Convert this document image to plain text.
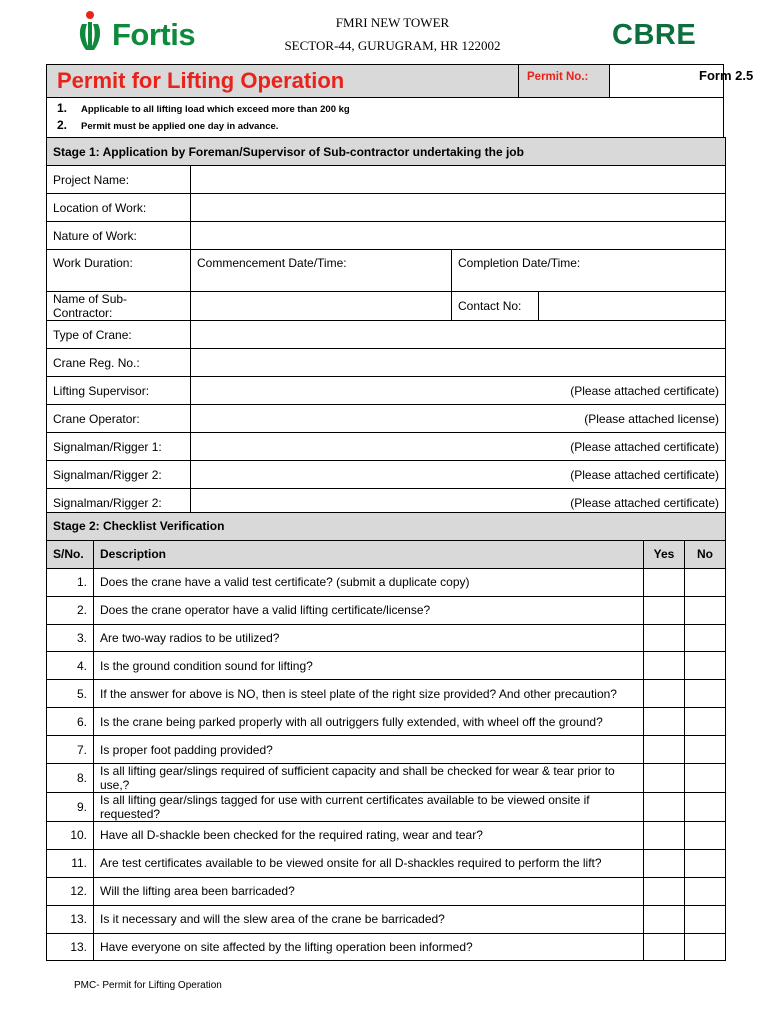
Fortis	FMRI NEW TOWER
SECTOR-44, GURUGRAM, HR 122002	CBRE
Permit for Lifting Operation	Permit No.:	Form 2.5
1. Applicable to all lifting load which exceed more than 200 kg
2. Permit must be applied one day in advance.
Stage 1: Application by Foreman/Supervisor of Sub-contractor undertaking the job			
Project Name:			
Location of Work:			
Nature of Work:			
Work Duration:	Commencement Date/Time:	Completion Date/Time:	
Name of Sub-Contractor:		Contact No:	
Type of Crane:			
Crane Reg. No.:			
Lifting Supervisor:	(Please attached certificate)		
Crane Operator:	(Please attached license)		
Signalman/Rigger 1:	(Please attached certificate)		
Signalman/Rigger 2:	(Please attached certificate)		
Signalman/Rigger 2:	(Please attached certificate)		
Stage 2: Checklist Verification			
S/No.	Description	Yes	No
1.	Does the crane have a valid test certificate? (submit a duplicate copy)		
2.	Does the crane operator have a valid lifting certificate/license?		
3.	Are two-way radios to be utilized?		
4.	Is the ground condition sound for lifting?		
5.	If the answer for above is NO, then is steel plate of the right size provided? And other precaution?		
6.	Is the crane being parked properly with all outriggers fully extended, with wheel off the ground?		
7.	Is proper foot padding provided?		
8.	Is all lifting gear/slings required of sufficient capacity and shall be checked for wear & tear prior to use,?		
9.	Is all lifting gear/slings tagged for use with current certificates available to be viewed onsite if requested?		
10.	Have all D-shackle been checked for the required rating, wear and tear?		
11.	Are test certificates available to be viewed onsite for all D-shackles required to perform the lift?		
12.	Will the lifting area been barricaded?		
13.	Is it necessary and will the slew area of the crane be barricaded?		
13.	Have everyone on site affected by the lifting operation been informed?		
PMC- Permit for Lifting Operation
